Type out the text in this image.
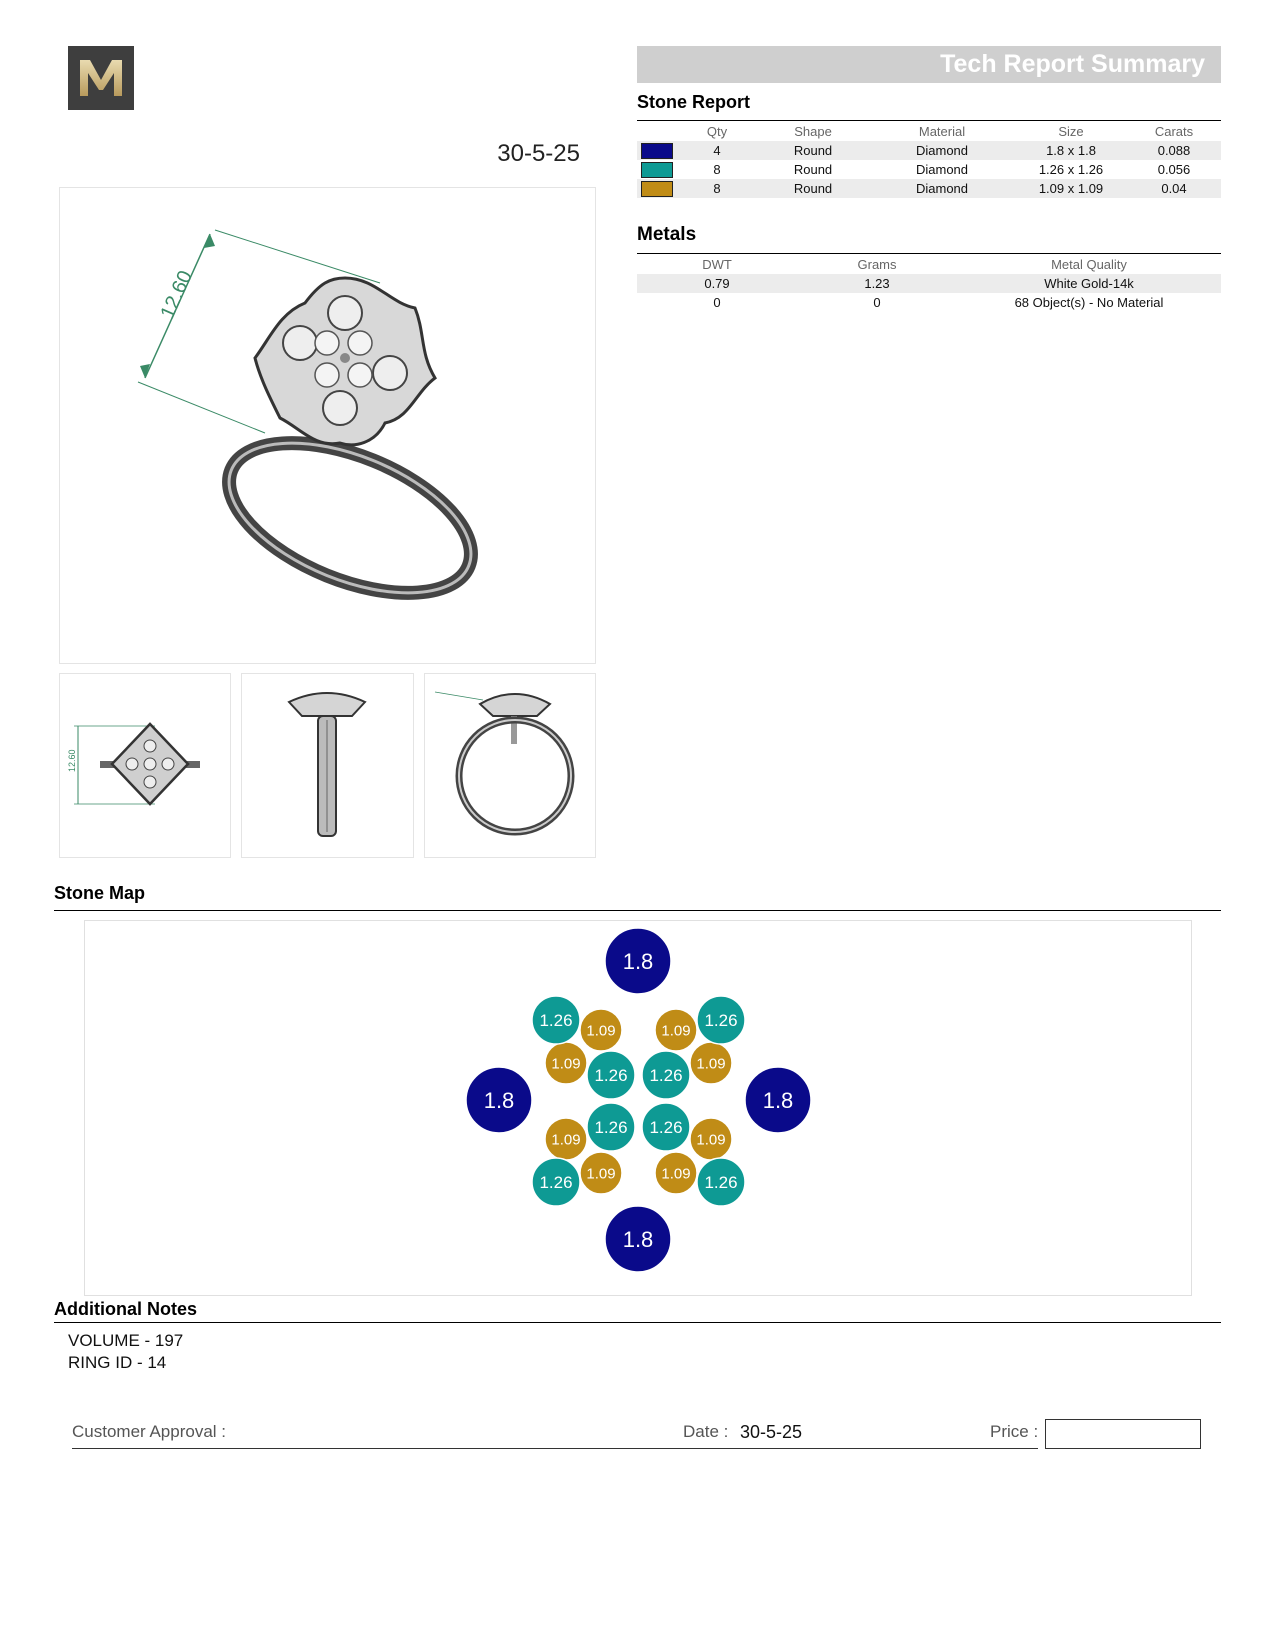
30-5-25
Tech Report Summary
Stone Report
	Qty	Shape	Material	Size	Carats
	4	Round	Diamond	1.8 x 1.8	0.088
	8	Round	Diamond	1.26 x 1.26	0.056
	8	Round	Diamond	1.09 x 1.09	0.04
Metals
DWT	Grams	Metal Quality
0.79	1.23	White Gold-14k
0	0	68 Object(s) - No Material
12.60
12.60
Stone Map
1.09
1.09
1.09
1.09
1.09
1.09
1.09
1.09
1.26
1.26 1.26
1.26
1.26
1.26
1.26
1.26
1.8
1.8
1.8	1.8
Additional Notes
VOLUME - 197
RING ID - 14
Customer Approval :	Date : 30-5-25	Price :
